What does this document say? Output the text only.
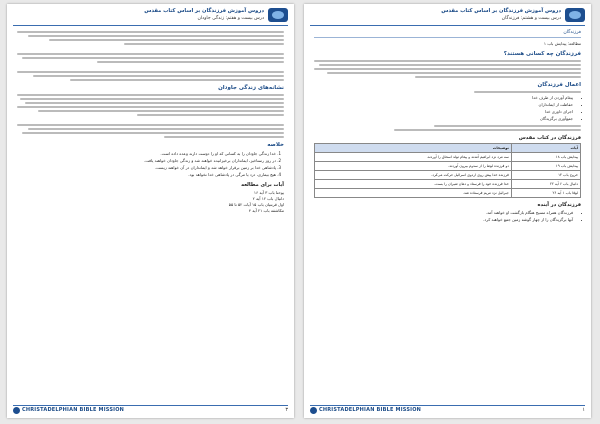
دروس آموزش فرزندگان بر اساس کتاب مقدس
درس بیست و هفتم: زندگی جاودان
نشانه‌های زندگی جاودان
خلاصه
1. خدا زندگی جاودان را به کسانی که او را دوست دارند وعده داده است.
2. در روز رستاخیز، ایمانداران برخیزانیده خواهند شد و زندگی جاودان خواهند یافت.
3. پادشاهی خدا بر زمین برقرار خواهد شد و ایمانداران در آن خواهند زیست.
4. هیچ بیماری، درد یا مرگی در پادشاهی خدا نخواهد بود.
آیات برای مطالعه
یوحنا باب ۳ آیه ۱۶
دانیال باب ۱۲ آیه ۲
اول قرنتیان باب ۱۵ آیات ۵۲ تا ۵۵
مکاشفه باب ۲۱ آیه ۴
CHRISTADELPHIAN BIBLE MISSION	۳
دروس آموزش فرزندگان بر اساس کتاب مقدس
درس بیست و هشتم: فرزندگان
فرزندگان
مطالعه: پیدایش باب ۱
فرزندگان چه کسانی هستند؟
اعمال فرزندگان
• پیغام آوردن از طرف خدا
• حفاظت از ایمانداران
• اجرای داوری خدا
• جمع‌آوری برگزیدگان
فرزندگان در کتاب مقدس
آیات	توضیحات
پیدایش باب ۱۸	سه مرد نزد ابراهیم آمدند و پیغام تولد اسحاق را آوردند.
پیدایش باب ۱۹	دو فرزنده لوط را از سدوم بیرون آوردند.
خروج باب ۱۴	فرزنده خدا پیش روی اردوی اسرائیل حرکت می‌کرد.
دانیال باب ۶ آیه ۲۲	خدا فرزنده خود را فرستاد و دهان شیران را بست.
لوقا باب ۱ آیه ۲۶	جبرائیل نزد مریم فرستاده شد.
فرزندگان در آینده
• فرزندگان همراه مسیح هنگام بازگشت او خواهند آمد.
• آنها برگزیدگان را از چهار گوشه زمین جمع خواهند کرد.
CHRISTADELPHIAN BIBLE MISSION	۱
